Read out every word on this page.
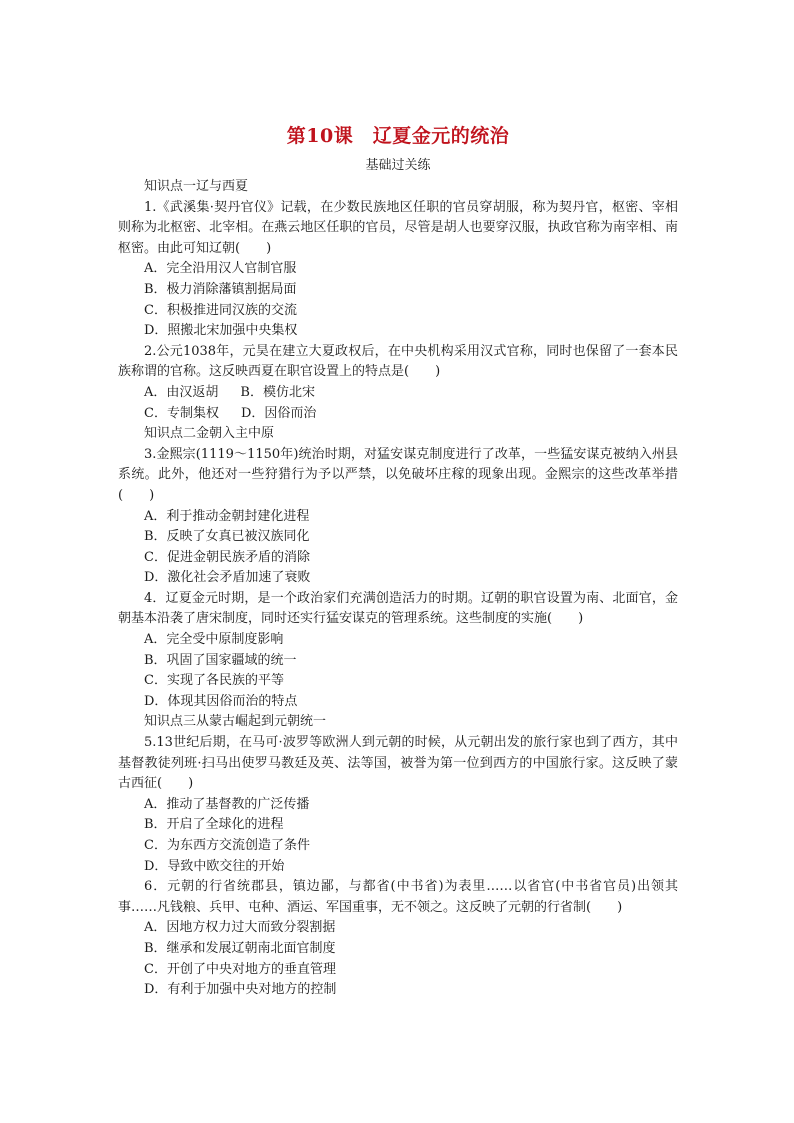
第10课　辽夏金元的统治
基础过关练
知识点一辽与西夏
1.《武溪集·契丹官仪》记载，在少数民族地区任职的官员穿胡服，称为契丹官，枢密、宰相则称为北枢密、北宰相。在燕云地区任职的官员，尽管是胡人也要穿汉服，执政官称为南宰相、南枢密。由此可知辽朝(　　)
A．完全沿用汉人官制官服
B．极力消除藩镇割据局面
C．积极推进同汉族的交流
D．照搬北宋加强中央集权
2.公元1038年，元昊在建立大夏政权后，在中央机构采用汉式官称，同时也保留了一套本民族称谓的官称。这反映西夏在职官设置上的特点是(　　)
A．由汉返胡 B．模仿北宋
C．专制集权 D．因俗而治
知识点二金朝入主中原
3.金熙宗(1119～1150年)统治时期，对猛安谋克制度进行了改革，一些猛安谋克被纳入州县系统。此外，他还对一些狩猎行为予以严禁，以免破坏庄稼的现象出现。金熙宗的这些改革举措(　　)
A．利于推动金朝封建化进程
B．反映了女真已被汉族同化
C．促进金朝民族矛盾的消除
D．激化社会矛盾加速了衰败
4．辽夏金元时期，是一个政治家们充满创造活力的时期。辽朝的职官设置为南、北面官，金朝基本沿袭了唐宋制度，同时还实行猛安谋克的管理系统。这些制度的实施(　　)
A．完全受中原制度影响
B．巩固了国家疆域的统一
C．实现了各民族的平等
D．体现其因俗而治的特点
知识点三从蒙古崛起到元朝统一
5.13世纪后期，在马可·波罗等欧洲人到元朝的时候，从元朝出发的旅行家也到了西方，其中基督教徒列班·扫马出使罗马教廷及英、法等国，被誉为第一位到西方的中国旅行家。这反映了蒙古西征(　　)
A．推动了基督教的广泛传播
B．开启了全球化的进程
C．为东西方交流创造了条件
D．导致中欧交往的开始
6．元朝的行省统郡县，镇边鄙，与都省(中书省)为表里……以省官(中书省官员)出领其事……凡钱粮、兵甲、屯种、酒运、军国重事，无不领之。这反映了元朝的行省制(　　)
A．因地方权力过大而致分裂割据
B．继承和发展辽朝南北面官制度
C．开创了中央对地方的垂直管理
D．有利于加强中央对地方的控制
